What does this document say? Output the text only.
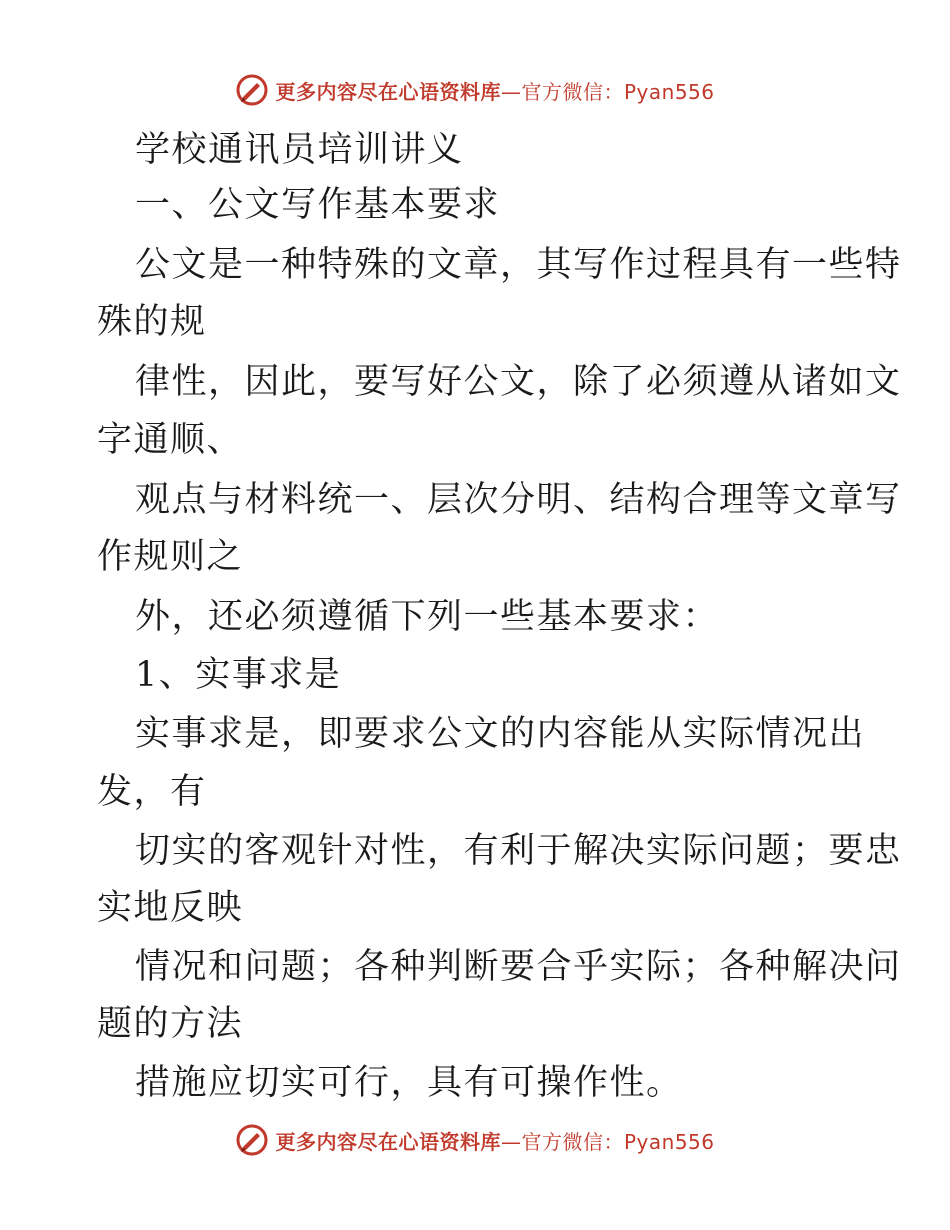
更多内容尽在心语资料库—官方微信：Pyan556
学校通讯员培训讲义
一、公文写作基本要求
公文是一种特殊的文章，其写作过程具有一些特
殊的规
律性，因此，要写好公文，除了必须遵从诸如文
字通顺、
观点与材料统一、层次分明、结构合理等文章写
作规则之
外，还必须遵循下列一些基本要求：
1、实事求是
实事求是，即要求公文的内容能从实际情况出
发，有
切实的客观针对性，有利于解决实际问题；要忠
实地反映
情况和问题；各种判断要合乎实际；各种解决问
题的方法
措施应切实可行，具有可操作性。
更多内容尽在心语资料库—官方微信：Pyan556
